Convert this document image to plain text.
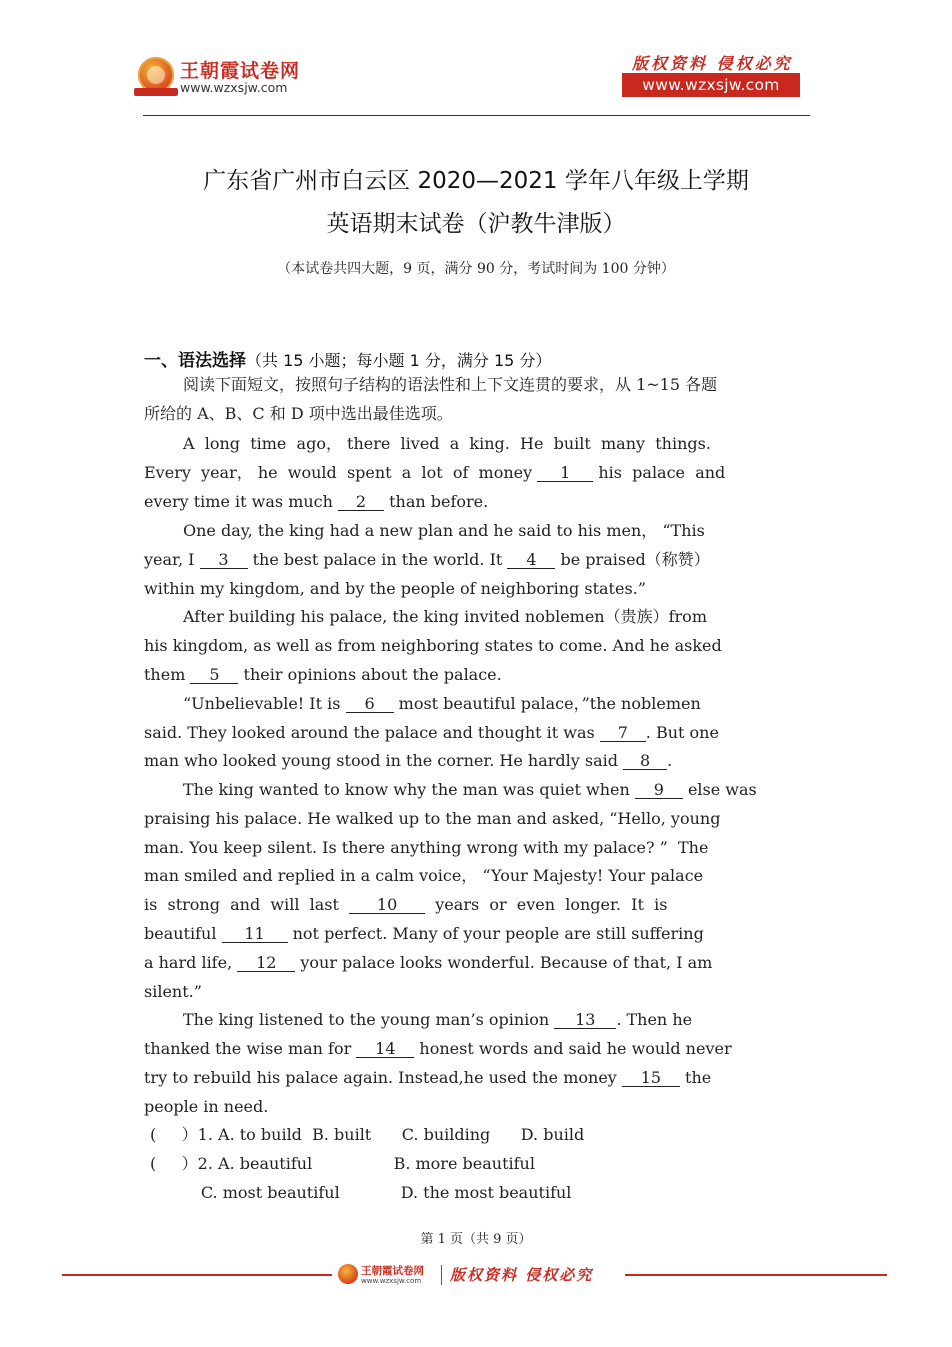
王朝霞试卷网
www.wzxsjw.com
版权资料 侵权必究
www.wzxsjw.com
广东省广州市白云区 2020—2021 学年八年级上学期
英语期末试卷（沪教牛津版）
（本试卷共四大题，9 页，满分 90 分，考试时间为 100 分钟）
一、语法选择（共 15 小题；每小题 1 分，满分 15 分）
阅读下面短文，按照句子结构的语法性和上下文连贯的要求，从 1~15 各题
所给的 A、B、C 和 D 项中选出最佳选项。
A  long  time  ago， there  lived  a  king.  He  built  many  things.
Every  year， he  would  spent  a  lot  of  money 1 his  palace  and
every time it was much 2 than before.
One day, the king had a new plan and he said to his men， “This
year, I 3 the best palace in the world. It 4 be praised（称赞）
within my kingdom, and by the people of neighboring states.”
After building his palace, the king invited noblemen（贵族）from
his kingdom, as well as from neighboring states to come. And he asked
them 5 their opinions about the palace.
“Unbelievable! It is 6 most beautiful palace，”the noblemen
said. They looked around the palace and thought it was 7 . But one
man who looked young stood in the corner. He hardly said 8 .
The king wanted to know why the man was quiet when 9 else was
praising his palace. He walked up to the man and asked, “Hello, young
man. You keep silent. Is there anything wrong with my palace? ”  The
man smiled and replied in a calm voice， “Your Majesty! Your palace
is  strong  and  will  last  10  years  or  even  longer.  It  is
beautiful 11 not perfect. Many of your people are still suffering
a hard life, 12 your palace looks wonderful. Because of that, I am
silent.”
The king listened to the young man’s opinion 13 . Then he
thanked the wise man for 14 honest words and said he would never
try to rebuild his palace again. Instead,he used the money 15 the
people in need.
(     ）1. A. to build  B. built      C. building      D. build
(     ）2. A. beautiful                B. more beautiful
C. most beautiful            D. the most beautiful
第 1 页（共 9 页）
王朝霞试卷网
www.wzxsjw.com 版权资料 侵权必究
